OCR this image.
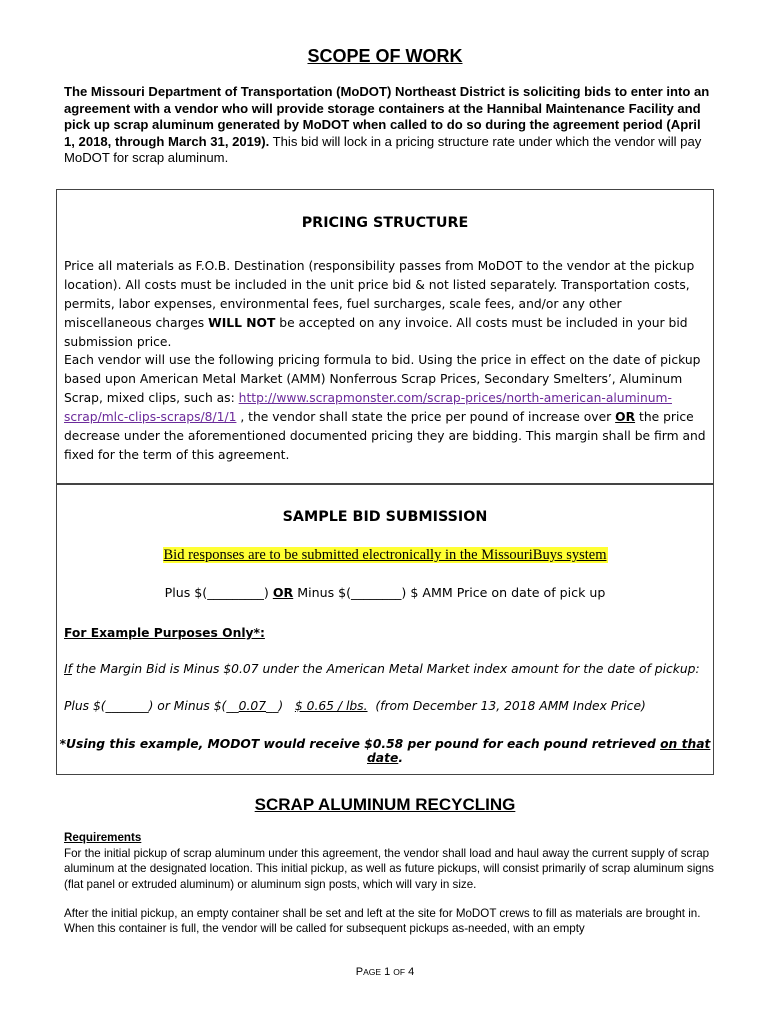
SCOPE OF WORK
The Missouri Department of Transportation (MoDOT) Northeast District is soliciting bids to enter into an agreement with a vendor who will provide storage containers at the Hannibal Maintenance Facility and pick up scrap aluminum generated by MoDOT when called to do so during the agreement period (April 1, 2018, through March 31, 2019). This bid will lock in a pricing structure rate under which the vendor will pay MoDOT for scrap aluminum.
PRICING STRUCTURE
Price all materials as F.O.B. Destination (responsibility passes from MoDOT to the vendor at the pickup location). All costs must be included in the unit price bid & not listed separately. Transportation costs, permits, labor expenses, environmental fees, fuel surcharges, scale fees, and/or any other miscellaneous charges WILL NOT be accepted on any invoice. All costs must be included in your bid submission price.
Each vendor will use the following pricing formula to bid. Using the price in effect on the date of pickup based upon American Metal Market (AMM) Nonferrous Scrap Prices, Secondary Smelters’, Aluminum Scrap, mixed clips, such as: http://www.scrapmonster.com/scrap-prices/north-american-aluminum-scrap/mlc-clips-scraps/8/1/1 , the vendor shall state the price per pound of increase over OR the price decrease under the aforementioned documented pricing they are bidding. This margin shall be firm and fixed for the term of this agreement.
SAMPLE BID SUBMISSION
Bid responses are to be submitted electronically in the MissouriBuys system
Plus $(_________) OR Minus $(________) $ AMM Price on date of pick up
For Example Purposes Only*:
If the Margin Bid is Minus $0.07 under the American Metal Market index amount for the date of pickup:
Plus $(_______) or Minus $(__0.07__) $ 0.65 / lbs. (from December 13, 2018 AMM Index Price)
*Using this example, MODOT would receive $0.58 per pound for each pound retrieved on that date.
SCRAP ALUMINUM RECYCLING
Requirements
For the initial pickup of scrap aluminum under this agreement, the vendor shall load and haul away the current supply of scrap aluminum at the designated location. This initial pickup, as well as future pickups, will consist primarily of scrap aluminum signs (flat panel or extruded aluminum) or aluminum sign posts, which will vary in size.
After the initial pickup, an empty container shall be set and left at the site for MoDOT crews to fill as materials are brought in. When this container is full, the vendor will be called for subsequent pickups as-needed, with an empty
PAGE 1 OF 4
